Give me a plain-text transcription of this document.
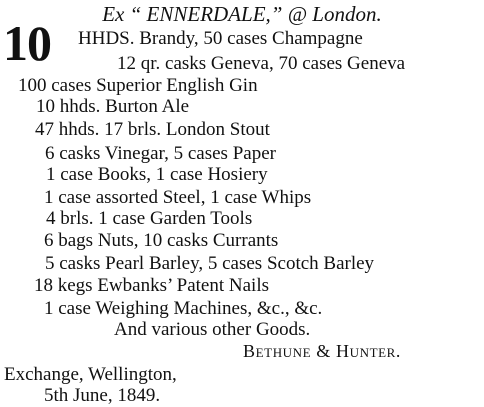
Ex “ ENNERDALE,” @ London.
10 HHDS. Brandy, 50 cases Champagne
12 qr. casks Geneva, 70 cases Geneva
100 cases Superior English Gin
10 hhds. Burton Ale
47 hhds. 17 brls. London Stout
6 casks Vinegar, 5 cases Paper
1 case Books, 1 case Hosiery
1 case assorted Steel, 1 case Whips
4 brls. 1 case Garden Tools
6 bags Nuts, 10 casks Currants
5 casks Pearl Barley, 5 cases Scotch Barley
18 kegs Ewbanks’ Patent Nails
1 case Weighing Machines, &c., &c.
And various other Goods.
Bethune & Hunter.
Exchange, Wellington,
5th June, 1849.
